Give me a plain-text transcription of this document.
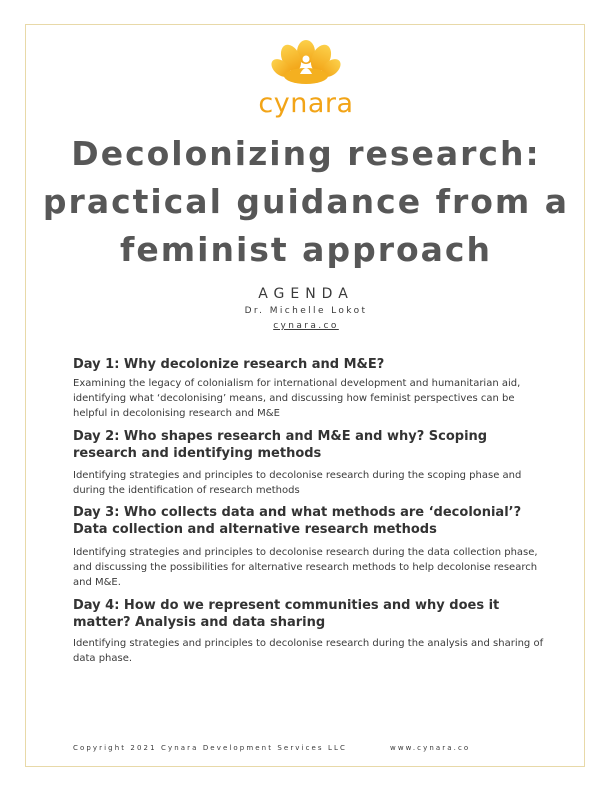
cynara
Decolonizing research: practical guidance from a feminist approach
AGENDA
Dr. Michelle Lokot
cynara.co
Day 1: Why decolonize research and M&E?

Examining the legacy of colonialism for international development and humanitarian aid, identifying what ‘decolonising’ means, and discussing how feminist perspectives can be helpful in decolonising research and M&E

Day 2: Who shapes research and M&E and why? Scoping research and identifying methods

Identifying strategies and principles to decolonise research during the scoping phase and during the identification of research methods

Day 3: Who collects data and what methods are ‘decolonial’? Data collection and alternative research methods

Identifying strategies and principles to decolonise research during the data collection phase, and discussing the possibilities for alternative research methods to help decolonise research and M&E.

Day 4: How do we represent communities and why does it matter? Analysis and data sharing

Identifying strategies and principles to decolonise research during the analysis and sharing of data phase.

Copyright 2021 Cynara Development Services LLC	www.cynara.co
